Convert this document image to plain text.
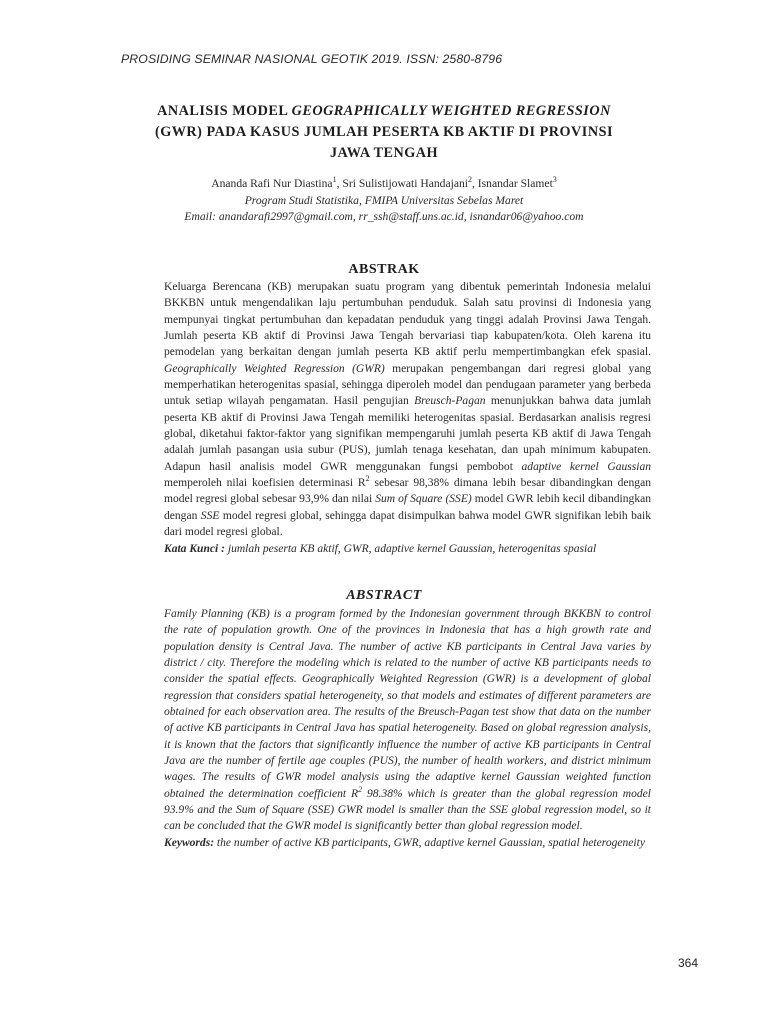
PROSIDING SEMINAR NASIONAL GEOTIK 2019. ISSN: 2580-8796
ANALISIS MODEL GEOGRAPHICALLY WEIGHTED REGRESSION
(GWR) PADA KASUS JUMLAH PESERTA KB AKTIF DI PROVINSI
JAWA TENGAH
Ananda Rafi Nur Diastina$^1$, Sri Sulistijowati Handajani$^2$, Isnandar Slamet$^3$
Program Studi Statistika, FMIPA Universitas Sebelas Maret
Email: anandarafi2997@gmail.com, rr_ssh@staff.uns.ac.id, isnandar06@yahoo.com
ABSTRAK
Keluarga Berencana (KB) merupakan suatu program yang dibentuk pemerintah Indonesia melalui BKKBN untuk mengendalikan laju pertumbuhan penduduk. Salah satu provinsi di Indonesia yang mempunyai tingkat pertumbuhan dan kepadatan penduduk yang tinggi adalah Provinsi Jawa Tengah. Jumlah peserta KB aktif di Provinsi Jawa Tengah bervariasi tiap kabupaten/kota. Oleh karena itu pemodelan yang berkaitan dengan jumlah peserta KB aktif perlu mempertimbangkan efek spasial. Geographically Weighted Regression (GWR) merupakan pengembangan dari regresi global yang memperhatikan heterogenitas spasial, sehingga diperoleh model dan pendugaan parameter yang berbeda untuk setiap wilayah pengamatan. Hasil pengujian Breusch-Pagan menunjukkan bahwa data jumlah peserta KB aktif di Provinsi Jawa Tengah memiliki heterogenitas spasial. Berdasarkan analisis regresi global, diketahui faktor-faktor yang signifikan mempengaruhi jumlah peserta KB aktif di Jawa Tengah adalah jumlah pasangan usia subur (PUS), jumlah tenaga kesehatan, dan upah minimum kabupaten. Adapun hasil analisis model GWR menggunakan fungsi pembobot adaptive kernel Gaussian memperoleh nilai koefisien determinasi $R^2$ sebesar 98,38% dimana lebih besar dibandingkan dengan model regresi global sebesar 93,9% dan nilai Sum of Square (SSE) model GWR lebih kecil dibandingkan dengan SSE model regresi global, sehingga dapat disimpulkan bahwa model GWR signifikan lebih baik dari model regresi global.
Kata Kunci : jumlah peserta KB aktif, GWR, adaptive kernel Gaussian, heterogenitas spasial
ABSTRACT
Family Planning (KB) is a program formed by the Indonesian government through BKKBN to control the rate of population growth. One of the provinces in Indonesia that has a high growth rate and population density is Central Java. The number of active KB participants in Central Java varies by district / city. Therefore the modeling which is related to the number of active KB participants needs to consider the spatial effects. Geographically Weighted Regression (GWR) is a development of global regression that considers spatial heterogeneity, so that models and estimates of different parameters are obtained for each observation area. The results of the Breusch-Pagan test show that data on the number of active KB participants in Central Java has spatial heterogeneity. Based on global regression analysis, it is known that the factors that significantly influence the number of active KB participants in Central Java are the number of fertile age couples (PUS), the number of health workers, and district minimum wages. The results of GWR model analysis using the adaptive kernel Gaussian weighted function obtained the determination coefficient $R^2$ 98.38% which is greater than the global regression model 93.9% and the Sum of Square (SSE) GWR model is smaller than the SSE global regression model, so it can be concluded that the GWR model is significantly better than global regression model.
Keywords: the number of active KB participants, GWR, adaptive kernel Gaussian, spatial heterogeneity
364
